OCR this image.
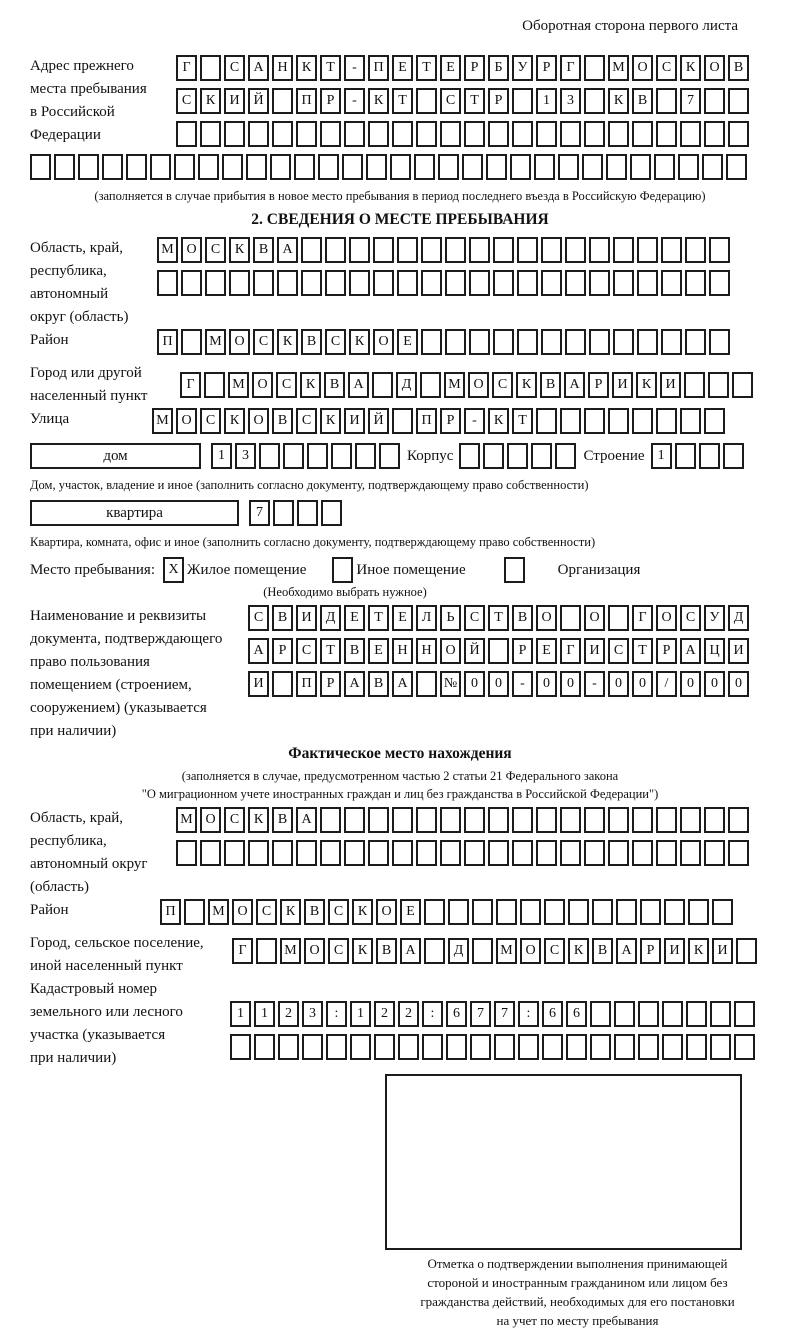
Оборотная сторона первого листа
Адрес прежнего
места пребывания
в Российской
Федерации
Г	С А Н К Т - П Е Т Е Р Б У Р Г	М О С К О В
С К И Й	П Р - К Т	С Т Р	1 3	К В	7
(заполняется в случае прибытия в новое место пребывания в период последнего въезда в Российскую Федерацию)
2. СВЕДЕНИЯ О МЕСТЕ ПРЕБЫВАНИЯ
Область, край,
республика,
автономный
округ (область)
М О С К В А
Район	П	М О С К В С К О Е
Город или другой
населенный пункт
Г	М О С К В А	Д	М О С К В А Р И К И
Улица	М О С К О В С К И Й	П Р - К Т
дом	1 3	Корпус	Строение 1
Дом, участок, владение и иное (заполнить согласно документу, подтверждающему право собственности)
квартира	7
Квартира, комната, офис и иное (заполнить согласно документу, подтверждающему право собственности)
Место пребывания: X Жилое помещение	Иное помещение	Организация
(Необходимо выбрать нужное)
Наименование и реквизиты
документа, подтверждающего
право пользования
помещением (строением,
сооружением) (указывается
при наличии)
С В И Д Е Т Е Л Ь С Т В О	О	Г О С У Д
А Р С Т В Е Н Н О Й	Р Е Г И С Т Р А Ц И
И	П Р А В А	№ 0 0 - 0 0 - 0 0 / 0 0 0
Фактическое место нахождения
(заполняется в случае, предусмотренном частью 2 статьи 21 Федерального закона
"О миграционном учете иностранных граждан и лиц без гражданства в Российской Федерации")
Область, край,
республика,
автономный округ
(область)
М О С К В А
Район	П	М О С К В С К О Е
Город, сельское поселение,
иной населенный пункт
Г	М О С К В А	Д	М О С К В А Р И К И
Кадастровый номер
земельного или лесного
участка (указывается
при наличии)
1 1 2 3 : 1 2 2 : 6 7 7 : 6 6
Отметка о подтверждении выполнения принимающей
стороной и иностранным гражданином или лицом без
гражданства действий, необходимых для его постановки
на учет по месту пребывания
